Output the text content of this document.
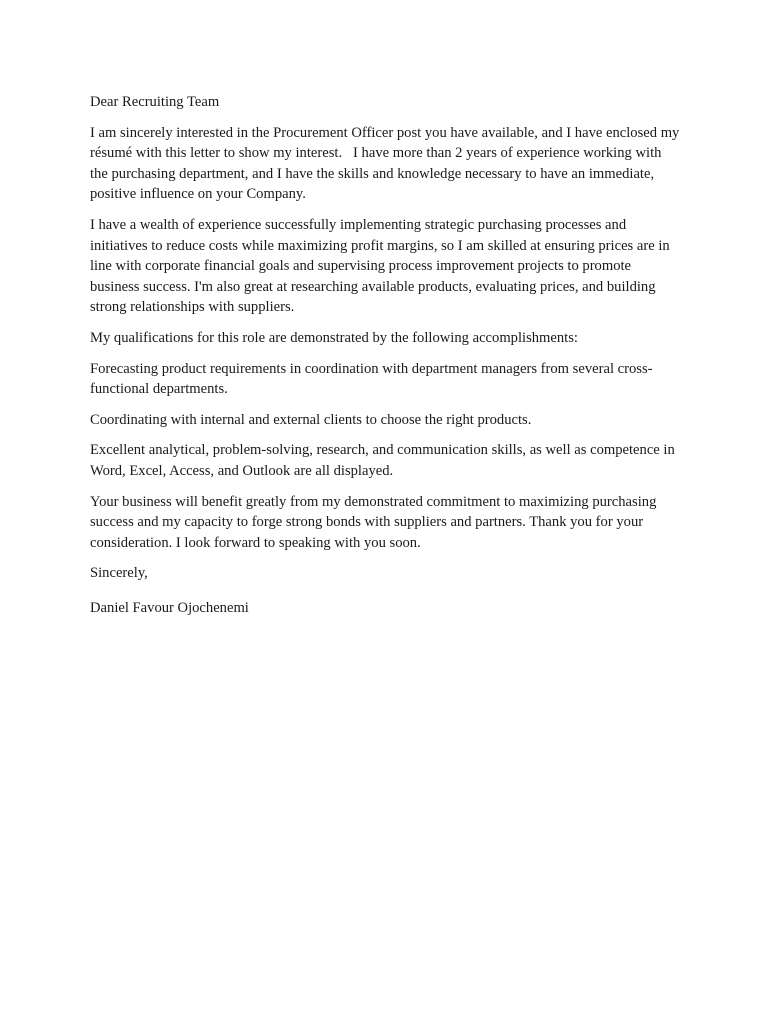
Dear Recruiting Team

I am sincerely interested in the Procurement Officer post you have available, and I have enclosed my résumé with this letter to show my interest.   I have more than 2 years of experience working with the purchasing department, and I have the skills and knowledge necessary to have an immediate, positive influence on your Company.

I have a wealth of experience successfully implementing strategic purchasing processes and initiatives to reduce costs while maximizing profit margins, so I am skilled at ensuring prices are in line with corporate financial goals and supervising process improvement projects to promote business success. I'm also great at researching available products, evaluating prices, and building strong relationships with suppliers.

My qualifications for this role are demonstrated by the following accomplishments:

Forecasting product requirements in coordination with department managers from several cross-functional departments.

Coordinating with internal and external clients to choose the right products.

Excellent analytical, problem-solving, research, and communication skills, as well as competence in Word, Excel, Access, and Outlook are all displayed.

Your business will benefit greatly from my demonstrated commitment to maximizing purchasing success and my capacity to forge strong bonds with suppliers and partners. Thank you for your consideration. I look forward to speaking with you soon.

Sincerely,

Daniel Favour Ojochenemi
